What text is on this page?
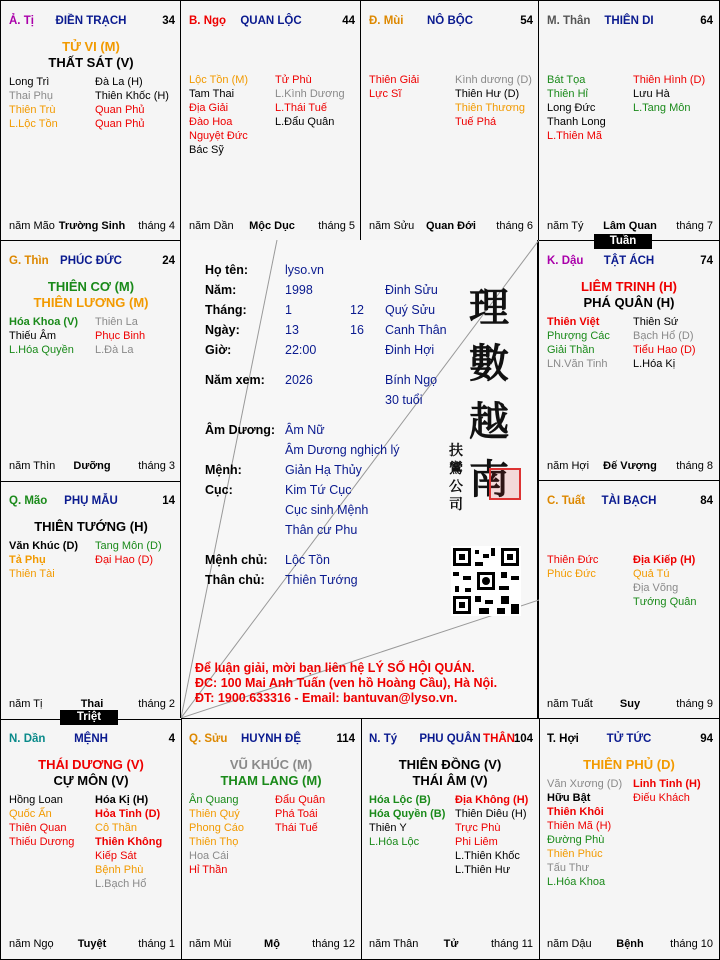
Ả. Tị	ĐIỀN TRẠCH	34
TỬ VI (M)
THẤT SÁT (V)
Long Trì
Thai Phụ
Thiên Trù
L.Lộc Tồn
Đà La (H)
Thiên Khốc (H)
Quan Phủ
Quan Phủ
năm Mão Trường Sinh	tháng 4
B. Ngọ	QUAN LỘC	44
Lộc Tồn (M)
Tam Thai
Địa Giải
Đào Hoa
Nguyệt Đức
Bác Sỹ
Tử Phù
L.Kình Dương
L.Thái Tuế
L.Đẩu Quân
năm Dần	Mộc Dục	tháng 5
Đ. Mùi	NÔ BỘC	54
Thiên Giải
Lực Sĩ
Kình dương (D)
Thiên Hư (D)
Thiên Thương
Tuế Phá
năm Sửu	Quan Đới	tháng 6
M. Thân	THIÊN DI	64
Bát Tọa
Thiên Hỉ
Long Đức
Thanh Long
L.Thiên Mã
Thiên Hình (D)
Lưu Hà
L.Tang Môn
năm Tý	Lâm Quan	tháng 7
K. Dậu	TẬT ÁCH	74
LIÊM TRINH (H)
PHÁ QUÂN (H)
Thiên Việt
Phượng Các
Giải Thần
LN.Văn Tinh
Thiên Sứ
Bạch Hổ (D)
Tiểu Hao (D)
L.Hóa Kị
năm Hợi	Đế Vượng	tháng 8
C. Tuất	TÀI BẠCH	84
Thiên Đức
Phúc Đức
Địa Kiếp (H)
Quả Tú
Địa Võng
Tướng Quân
năm Tuất	Suy	tháng 9
T. Hợi	TỬ TỨC	94
THIÊN PHỦ (D)
Văn Xương (D)
Hữu Bật
Thiên Khôi
Thiên Mã (H)
Đường Phù
Thiên Phúc
Tấu Thư
L.Hóa Khoa
Linh Tinh (H)
Điếu Khách
năm Dậu	Bệnh	tháng 10
N. Tý	PHU QUÂN THÂN
104
THIÊN ĐỒNG (V)
THÁI ÂM (V)
Hóa Lộc (B)
Hóa Quyền (B)
Thiên Y
L.Hóa Lộc
Địa Không (H)
Thiên Diêu (H)
Trực Phù
Phi Liêm
L.Thiên Khốc
L.Thiên Hư
năm Thân	Tử	tháng 11
Q. Sửu	HUYNH ĐỆ	114
VŨ KHÚC (M)
THAM LANG (M)
Ân Quang
Thiên Quý
Phong Cáo
Thiên Thọ
Hoa Cái
Hỉ Thần
Đẩu Quân
Phá Toái
Thái Tuế
năm Mùi	Mộ	tháng 12
N. Dần	MỆNH	4
THÁI DƯƠNG (V)
CỰ MÔN (V)
Hồng Loan
Quốc Ấn
Thiên Quan
Thiếu Dương
Hóa Kị (H)
Hỏa Tinh (D)
Cô Thần
Thiên Không
Kiếp Sát
Bệnh Phù
L.Bạch Hổ
năm Ngọ	Tuyệt	tháng 1
Q. Mão	PHỤ MẪU	14
THIÊN TƯỚNG (H)
Văn Khúc (D)
Tả Phụ
Thiên Tài
Tang Môn (D)
Đại Hao (D)
năm Tị	Thai	tháng 2
G. Thìn PHÚC ĐỨC	24
THIÊN CƠ (M)
THIÊN LƯƠNG (M)
Hóa Khoa (V)
Thiếu Âm
L.Hóa Quyền
Thiên La
Phục Binh
L.Đà La
năm Thìn	Dưỡng	tháng 3
Họ tên:	lyso.vn
Năm:	1998	Đinh Sửu
Tháng:	1	12 Quý Sửu
Ngày:	13	16 Canh Thân
Giờ:	22:00	Đinh Hợi
Năm xem: 2026	Bính Ngọ
30 tuổi
Âm Dương: Âm Nữ
Âm Dương nghịch lý
Mệnh:	Giản Hạ Thủy
Cục:	Kim Tứ Cục
Cục sinh Mệnh
Thân cư Phu
Mệnh chủ: Lộc Tồn
Thân chủ: Thiên Tướng
理
數
越
南
扶
鸞
公
司
Để luận giải, mời bạn liên hệ LÝ SỐ HỘI QUÁN.
ĐC: 100 Mai Anh Tuấn (ven hồ Hoàng Cầu), Hà Nội.
ĐT: 1900.633316 - Email: bantuvan@lyso.vn.
Tuần
Triệt
